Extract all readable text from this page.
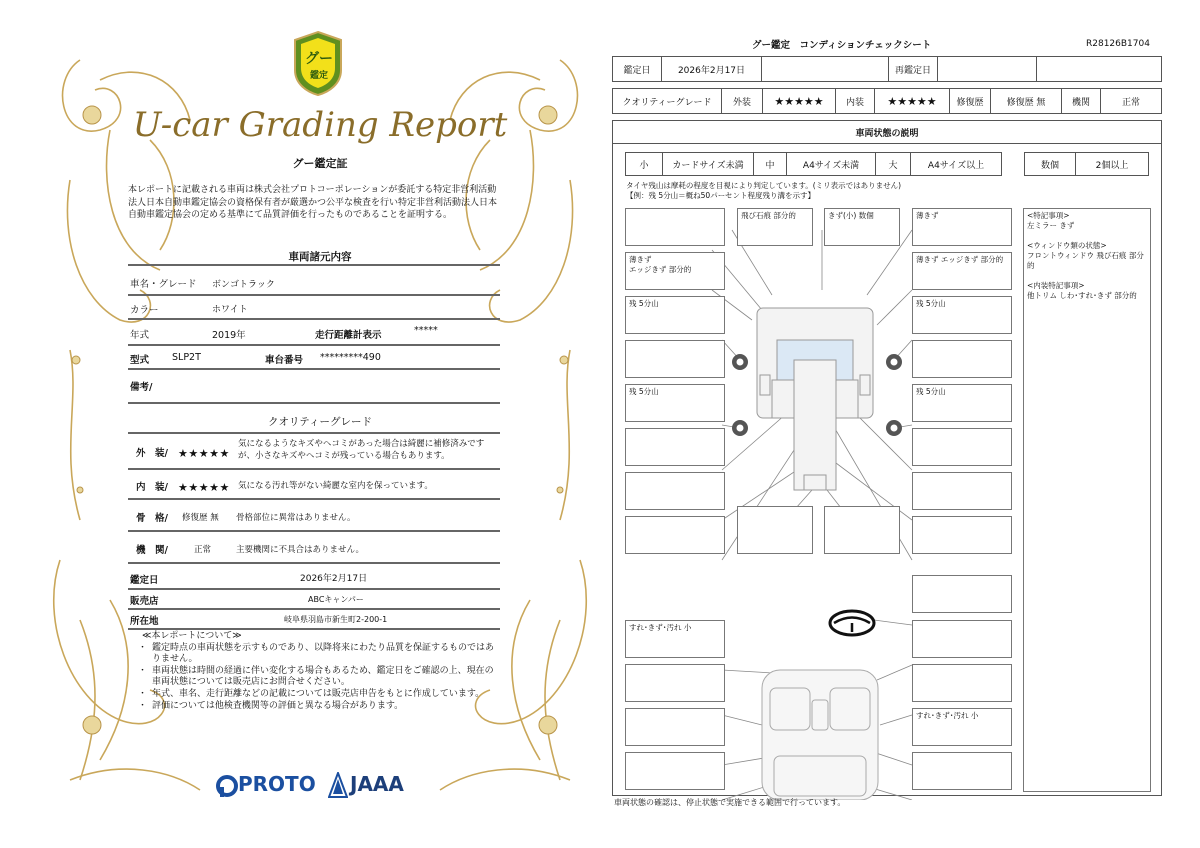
グー
鑑定
U-car Grading Report
グー鑑定証
本レポートに記載される車両は株式会社プロトコーポレーションが委託する特定非営利活動法人日本自動車鑑定協会の資格保有者が厳選かつ公平な検査を行い特定非営利活動法人日本自動車鑑定協会の定める基準にて品質評価を行ったものであることを証明する。
車両諸元内容
車名・グレード ボンゴトラック
カラー	ホワイト
年式	2019年	走行距離計表示	*****
型式 SLP2T	車台番号 *********490
備考/
クオリティーグレード
外　装/ ★★★★★
気になるようなキズやヘコミがあった場合は綺麗に補修済みですが、小さなキズやヘコミが残っている場合もあります。
内　装/ ★★★★★ 気になる汚れ等がない綺麗な室内を保っています。
骨　格/ 修復歴 無 骨格部位に異常はありません。
機　関/	正常	主要機関に不具合はありません。
鑑定日	2026年2月17日
販売店	ABCキャンパー
所在地	岐阜県羽島市新生町2-200-1
≪本レポートについて≫
・ 鑑定時点の車両状態を示すものであり、以降将来にわたり品質を保証するものではありません。
・ 車両状態は時間の経過に伴い変化する場合もあるため、鑑定日をご確認の上、現在の車両状態については販売店にお問合せください。
・ 年式、車名、走行距離などの記載については販売店申告をもとに作成しています。
・ 評価については他検査機関等の評価と異なる場合があります。
PROTO JAAA
グー鑑定　コンディションチェックシート	R28126B1704
鑑定日	2026年2月17日	再鑑定日
クオリティーグレード	外装	★★★★★	内装	★★★★★	修復歴	修復歴 無	機関	正常
車両状態の説明
小	カードサイズ未満	中	A4サイズ未満	大	A4サイズ以上	数個	2個以上
タイヤ残山は摩耗の程度を目視により判定しています。(ミリ表示ではありません)
【例：残 5分山＝概ね50パーセント程度残り溝を示す】
飛び石痕 部分的	きず(小) 数個	薄きず
薄きず
エッジきず 部分的
薄きず エッジきず 部分的
残 5分山	残 5分山
残 5分山	残 5分山
すれ･きず･汚れ 小
すれ･きず･汚れ 小
<特記事項>
左ミラー きず
<ウィンドウ類の状態>
フロントウィンドウ 飛び石痕 部分的
<内装特記事項>
他トリム しわ･すれ･きず 部分的
車両状態の確認は、停止状態で実施できる範囲で行っています。
